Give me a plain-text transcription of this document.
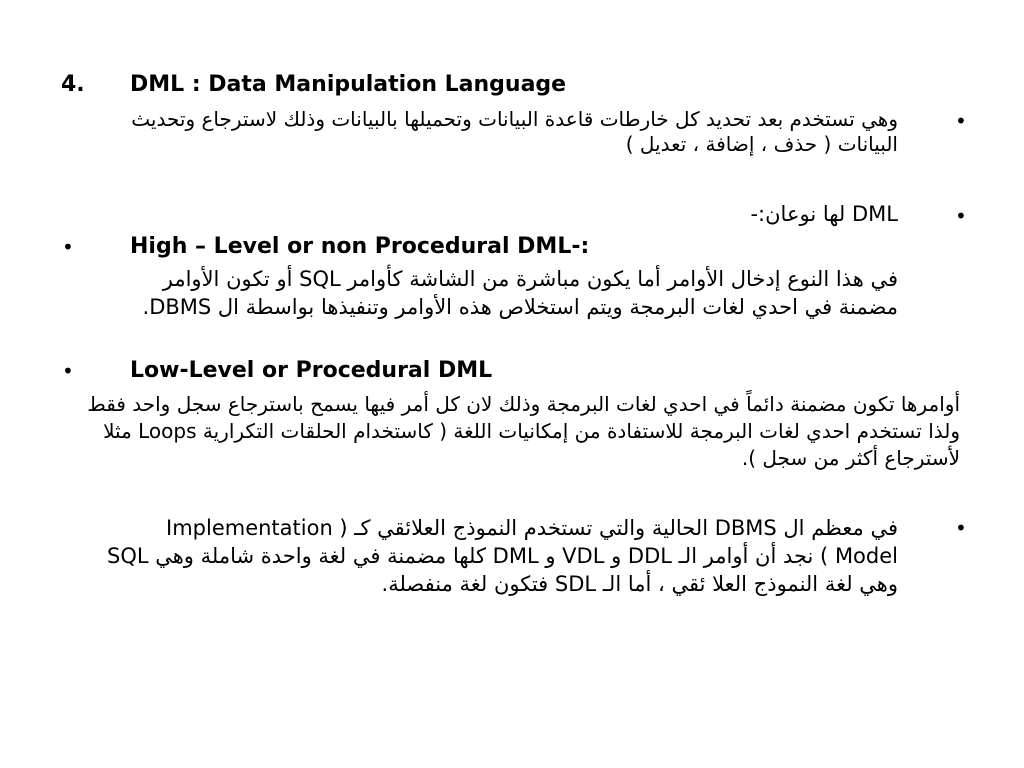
4. DML : Data Manipulation Language
•
وهي تستخدم بعد تحديد كل خارطات قاعدة البيانات وتحميلها بالبيانات وذلك لاسترجاع وتحديث البيانات ( حذف ، إضافة ، تعديل )
•
DML لها نوعان:-
•	High – Level or non Procedural DML-:
في هذا النوع إدخال الأوامر أما يكون مباشرة من الشاشة كأوامر SQL أو تكون الأوامر مضمنة في احدي لغات البرمجة ويتم استخلاص هذه الأوامر وتنفيذها بواسطة ال DBMS.
•	Low-Level or Procedural DML
أوامرها تكون مضمنة دائماً في احدي لغات البرمجة وذلك لان كل أمر فيها يسمح باسترجاع سجل واحد فقط ولذا تستخدم احدي لغات البرمجة للاستفادة من إمكانيات اللغة ( كاستخدام الحلقات التكرارية Loops مثلا لأسترجاع أكثر من سجل ).
•
في معظم ال DBMS الحالية والتي تستخدم النموذج العلائقي كـ ( Implementation Model ) نجد أن أوامر الـ DDL و VDL و DML كلها مضمنة في لغة واحدة شاملة وهي SQL وهي لغة النموذج العلا ئقي ، أما الـ SDL فتكون لغة منفصلة.
